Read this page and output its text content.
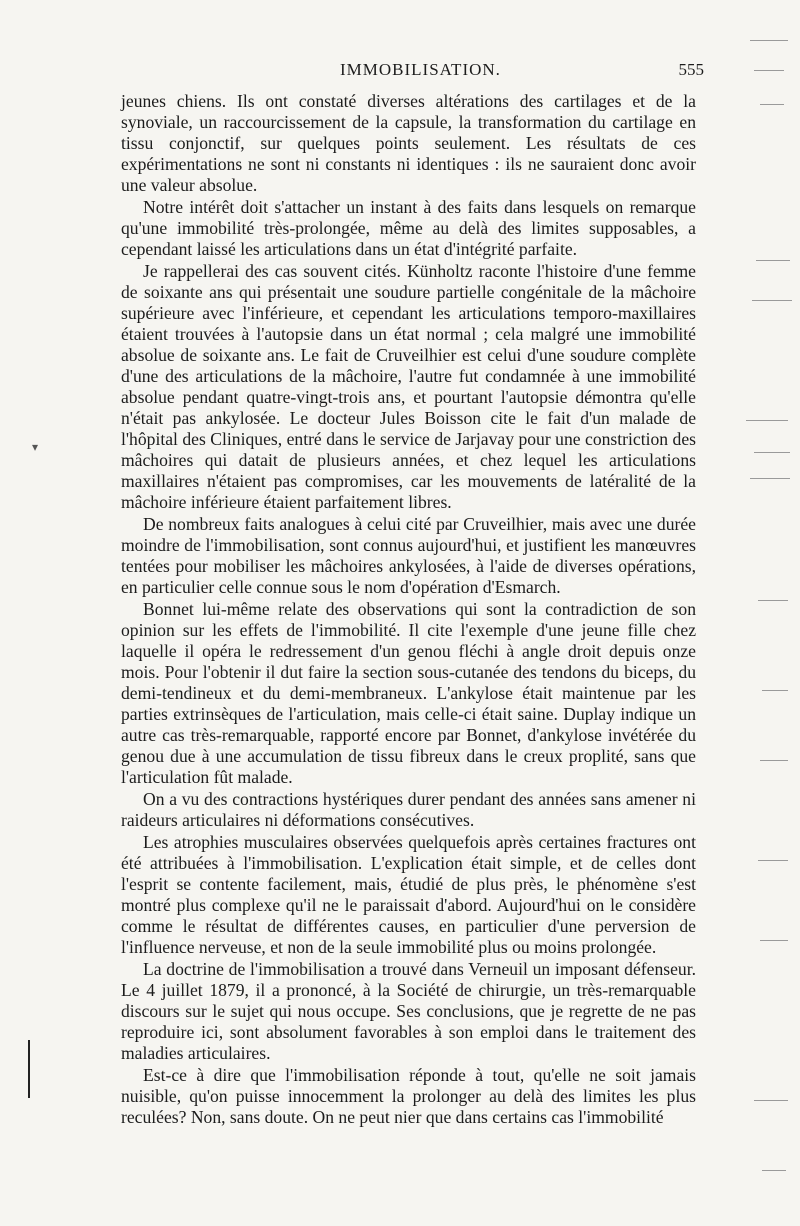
IMMOBILISATION.	555

jeunes chiens. Ils ont constaté diverses altérations des cartilages et de la synoviale, un raccourcissement de la capsule, la transformation du cartilage en tissu conjonctif, sur quelques points seulement. Les résultats de ces expérimentations ne sont ni constants ni identiques : ils ne sauraient donc avoir une valeur absolue.

Notre intérêt doit s'attacher un instant à des faits dans lesquels on remarque qu'une immobilité très-prolongée, même au delà des limites supposables, a cependant laissé les articulations dans un état d'intégrité parfaite.

Je rappellerai des cas souvent cités. Künholtz raconte l'histoire d'une femme de soixante ans qui présentait une soudure partielle congénitale de la mâchoire supérieure avec l'inférieure, et cependant les articulations temporo-maxillaires étaient trouvées à l'autopsie dans un état normal ; cela malgré une immobilité absolue de soixante ans. Le fait de Cruveilhier est celui d'une soudure complète d'une des articulations de la mâchoire, l'autre fut condamnée à une immobilité absolue pendant quatre-vingt-trois ans, et pourtant l'autopsie démontra qu'elle n'était pas ankylosée. Le docteur Jules Boisson cite le fait d'un malade de l'hôpital des Cliniques, entré dans le service de Jarjavay pour une constriction des mâchoires qui datait de plusieurs années, et chez lequel les articulations maxillaires n'étaient pas compromises, car les mouvements de latéralité de la mâchoire inférieure étaient parfaitement libres.

De nombreux faits analogues à celui cité par Cruveilhier, mais avec une durée moindre de l'immobilisation, sont connus aujourd'hui, et justifient les manœuvres tentées pour mobiliser les mâchoires ankylosées, à l'aide de diverses opérations, en particulier celle connue sous le nom d'opération d'Esmarch.

Bonnet lui-même relate des observations qui sont la contradiction de son opinion sur les effets de l'immobilité. Il cite l'exemple d'une jeune fille chez laquelle il opéra le redressement d'un genou fléchi à angle droit depuis onze mois. Pour l'obtenir il dut faire la section sous-cutanée des tendons du biceps, du demi-tendineux et du demi-membraneux. L'ankylose était maintenue par les parties extrinsèques de l'articulation, mais celle-ci était saine. Duplay indique un autre cas très-remarquable, rapporté encore par Bonnet, d'ankylose invétérée du genou due à une accumulation de tissu fibreux dans le creux proplité, sans que l'articulation fût malade.

On a vu des contractions hystériques durer pendant des années sans amener ni raideurs articulaires ni déformations consécutives.

Les atrophies musculaires observées quelquefois après certaines fractures ont été attribuées à l'immobilisation. L'explication était simple, et de celles dont l'esprit se contente facilement, mais, étudié de plus près, le phénomène s'est montré plus complexe qu'il ne le paraissait d'abord. Aujourd'hui on le considère comme le résultat de différentes causes, en particulier d'une perversion de l'influence nerveuse, et non de la seule immobilité plus ou moins prolongée.

La doctrine de l'immobilisation a trouvé dans Verneuil un imposant défenseur. Le 4 juillet 1879, il a prononcé, à la Société de chirurgie, un très-remarquable discours sur le sujet qui nous occupe. Ses conclusions, que je regrette de ne pas reproduire ici, sont absolument favorables à son emploi dans le traitement des maladies articulaires.

Est-ce à dire que l'immobilisation réponde à tout, qu'elle ne soit jamais nuisible, qu'on puisse innocemment la prolonger au delà des limites les plus reculées? Non, sans doute. On ne peut nier que dans certains cas l'immobilité

▾
